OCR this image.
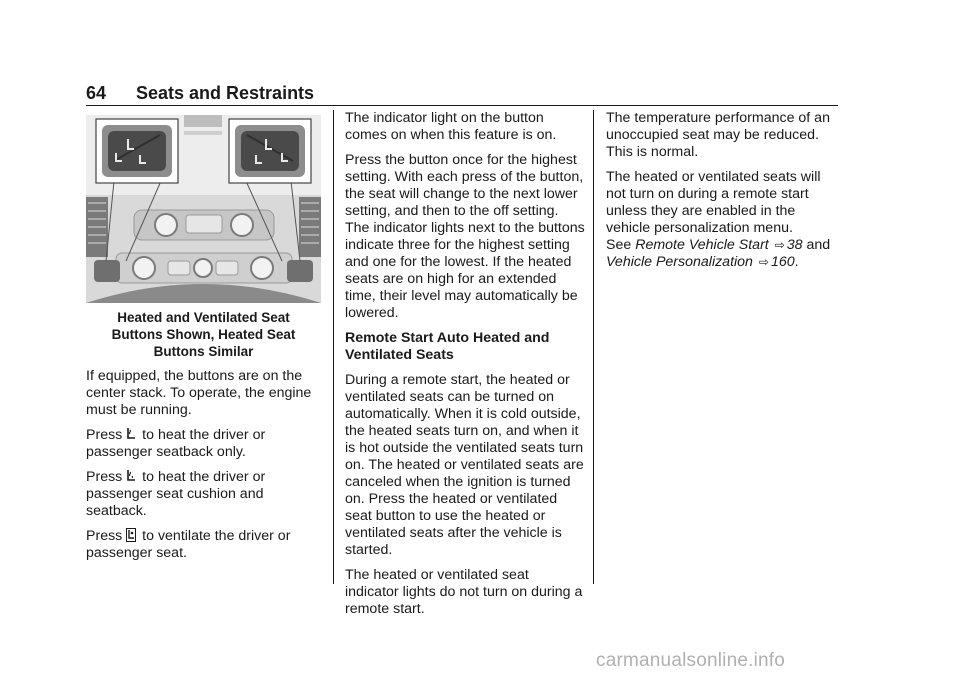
64 Seats and Restraints
Heated and Ventilated Seat
Buttons Shown, Heated Seat
Buttons Similar

If equipped, the buttons are on the center stack. To operate, the engine must be running.

Press to heat the driver or passenger seatback only.

Press to heat the driver or passenger seat cushion and seatback.

Press to ventilate the driver or passenger seat.

The indicator light on the button comes on when this feature is on.

Press the button once for the highest setting. With each press of the button, the seat will change to the next lower setting, and then to the off setting. The indicator lights next to the buttons indicate three for the highest setting and one for the lowest. If the heated seats are on high for an extended time, their level may automatically be lowered.

Remote Start Auto Heated and Ventilated Seats

During a remote start, the heated or ventilated seats can be turned on automatically. When it is cold outside, the heated seats turn on, and when it is hot outside the ventilated seats turn on. The heated or ventilated seats are canceled when the ignition is turned on. Press the heated or ventilated seat button to use the heated or ventilated seats after the vehicle is started.

The heated or ventilated seat indicator lights do not turn on during a remote start.

The temperature performance of an unoccupied seat may be reduced. This is normal.

The heated or ventilated seats will not turn on during a remote start unless they are enabled in the vehicle personalization menu.

See Remote Vehicle Start ⇨ 38 and Vehicle Personalization ⇨ 160.

carmanualsonline.info
